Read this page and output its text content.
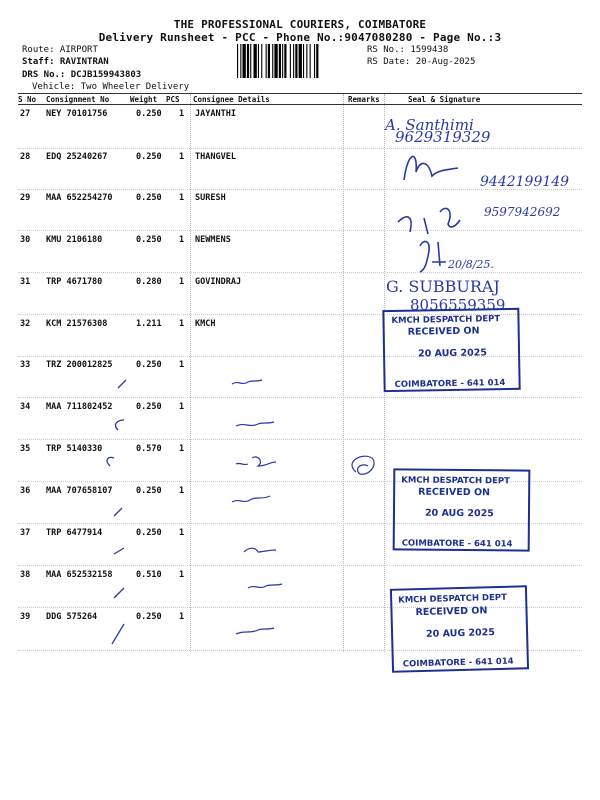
THE PROFESSIONAL COURIERS, COIMBATORE
Delivery Runsheet - PCC - Phone No.:9047080280 - Page No.:3
Route: AIRPORT
Staff: RAVINTRAN
DRS No.: DCJB159943803
Vehicle: Two Wheeler Delivery
RS No.: 1599438
RS Date: 20-Aug-2025
S No Consignment No	Weight PCS Consignee Details	Remarks	Seal & Signature
27 NEY 70101756	0.250 1 JAYANTHI
28 EDQ 25240267	0.250 1 THANGVEL
29 MAA 652254270	0.250 1 SURESH
30 KMU 2106180	0.250 1 NEWMENS
31 TRP 4671780	0.280 1 GOVINDRAJ
32 KCM 21576308	1.211 1 KMCH
33 TRZ 200012825	0.250 1
34 MAA 711802452	0.250 1
35 TRP 5140330	0.570 1
36 MAA 707658107	0.250 1
37 TRP 6477914	0.250 1
38 MAA 652532158	0.510 1
39 DDG 575264	0.250 1
A. Santhimi
9629319329
9442199149
9597942692
20/8/25.
G. SUBBURAJ
8056559359
KMCH DESPATCH DEPT
RECEIVED ON
20 AUG 2025
COIMBATORE - 641 014
KMCH DESPATCH DEPT
RECEIVED ON
20 AUG 2025
COIMBATORE - 641 014
KMCH DESPATCH DEPT
RECEIVED ON
20 AUG 2025
COIMBATORE - 641 014
